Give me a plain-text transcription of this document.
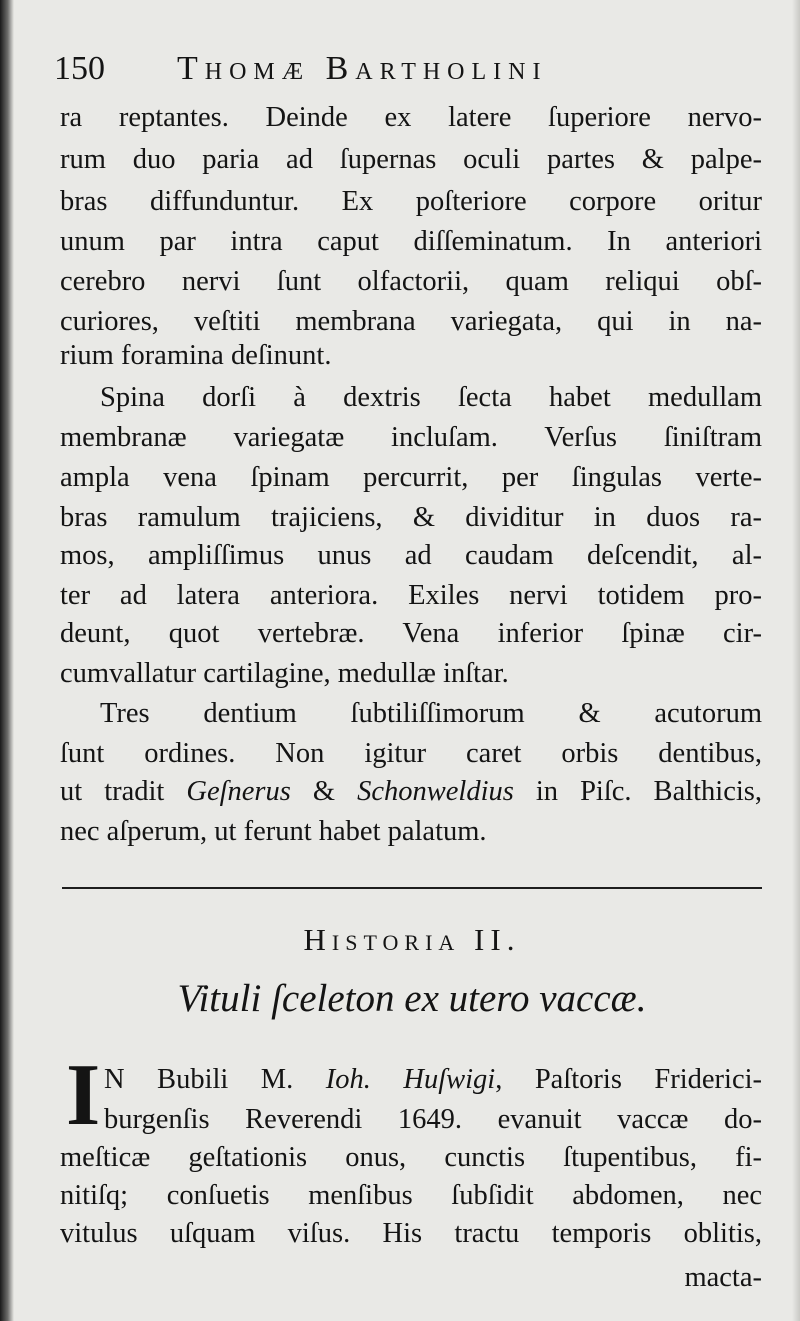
150 Thomæ Bartholini
ra reptantes. Deinde ex latere ſuperiore nervo-
rum duo paria ad ſupernas oculi partes & palpe-
bras diffunduntur. Ex poſteriore corpore oritur
unum par intra caput diſſeminatum. In anteriori
cerebro nervi ſunt olfactorii, quam reliqui obſ-
curiores, veſtiti membrana variegata, qui in na-
rium foramina deſinunt.
Spina dorſi à dextris ſecta habet medullam
membranæ variegatæ incluſam. Verſus ſiniſtram
ampla vena ſpinam percurrit, per ſingulas verte-
bras ramulum trajiciens, & dividitur in duos ra-
mos, ampliſſimus unus ad caudam deſcendit, al-
ter ad latera anteriora. Exiles nervi totidem pro-
deunt, quot vertebræ. Vena inferior ſpinæ cir-
cumvallatur cartilagine, medullæ inſtar.
Tres dentium ſubtiliſſimorum & acutorum
ſunt ordines. Non igitur caret orbis dentibus,
ut tradit Geſnerus & Schonweldius in Piſc. Balthicis,
nec aſperum, ut ferunt habet palatum.
Historia II.
Vituli ſceleton ex utero vaccæ.
I N Bubili M. Ioh. Huſwigi, Paſtoris Friderici-
burgenſis Reverendi 1649. evanuit vaccæ do-
meſticæ geſtationis onus, cunctis ſtupentibus, fi-
nitiſq; conſuetis menſibus ſubſidit abdomen, nec
vitulus uſquam viſus. His tractu temporis oblitis,
macta-
